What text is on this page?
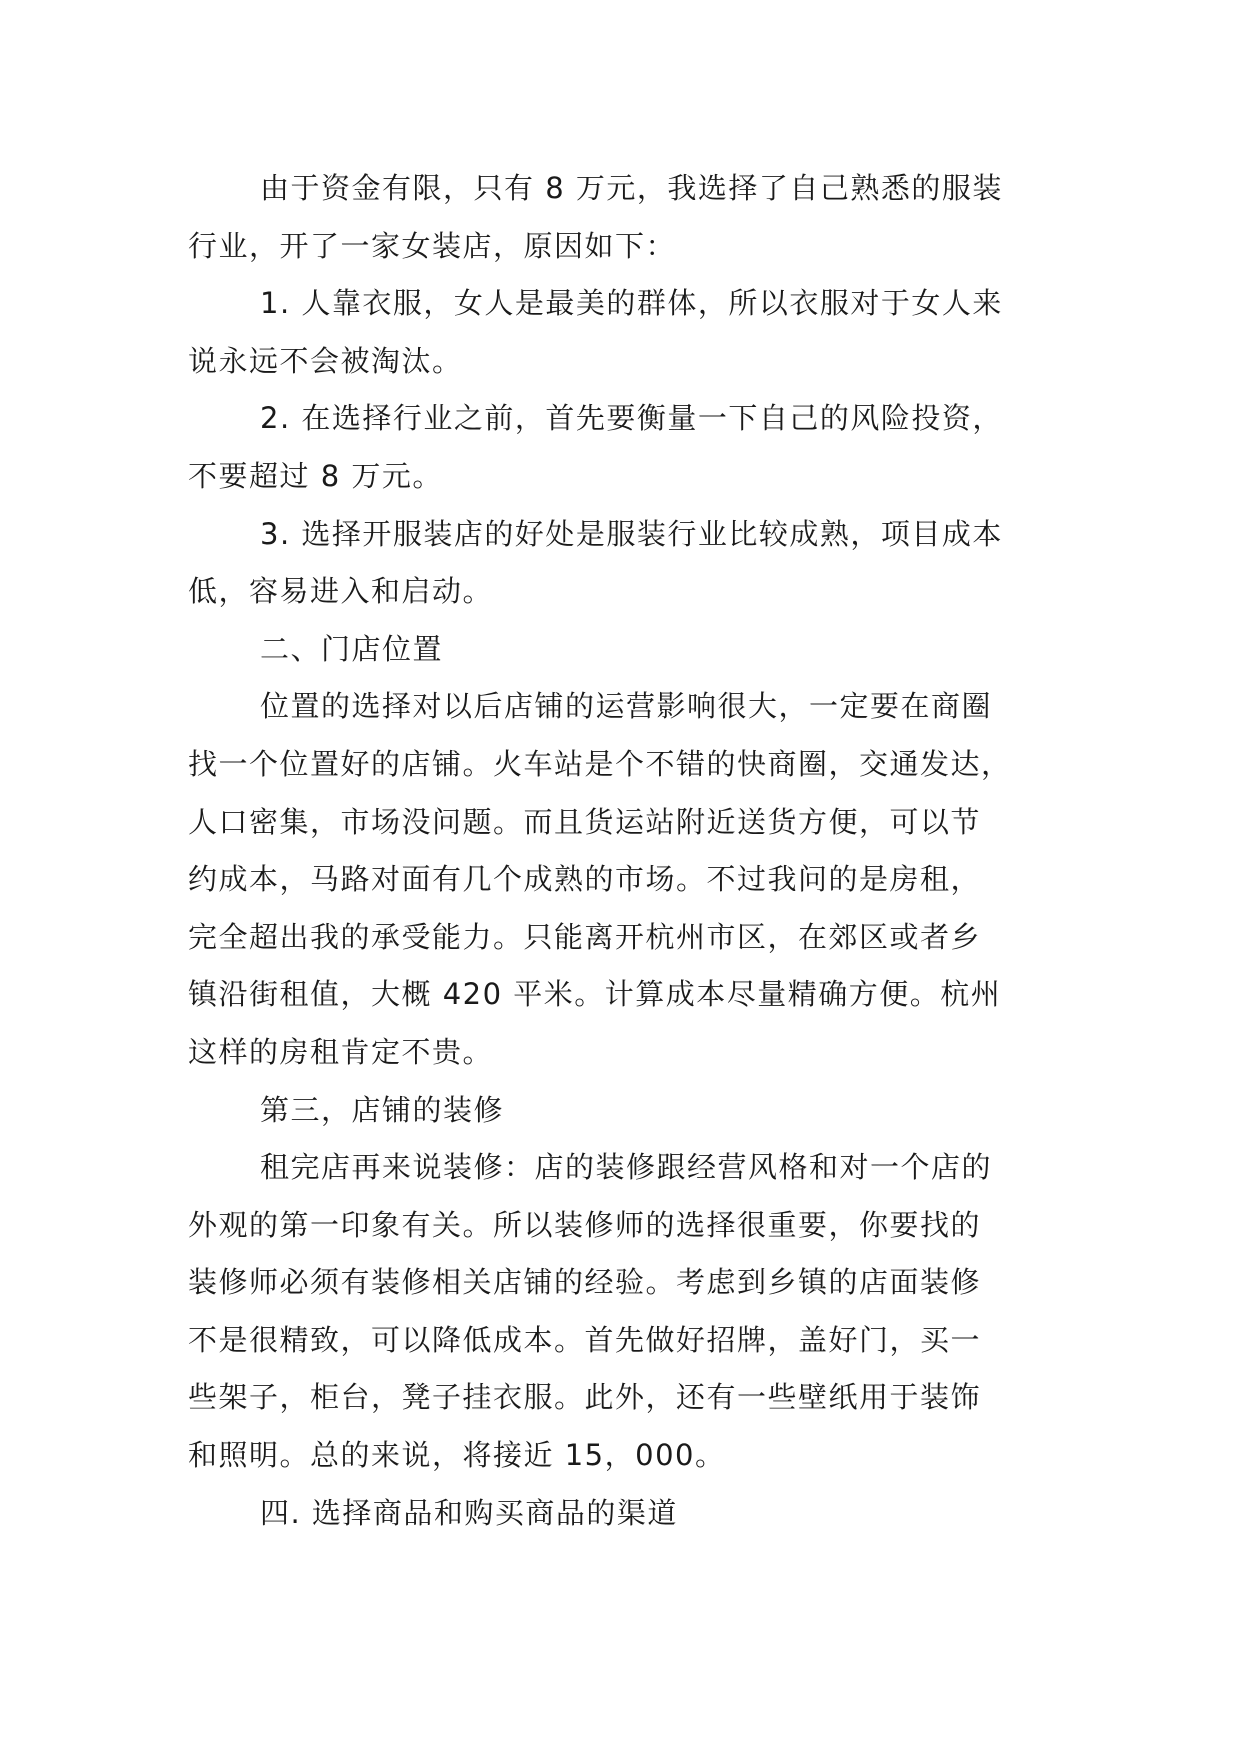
由于资金有限，只有 8 万元，我选择了自己熟悉的服装
行业，开了一家女装店，原因如下：
1. 人靠衣服，女人是最美的群体，所以衣服对于女人来
说永远不会被淘汰。
2. 在选择行业之前，首先要衡量一下自己的风险投资，
不要超过 8 万元。
3. 选择开服装店的好处是服装行业比较成熟，项目成本
低，容易进入和启动。
二、门店位置
位置的选择对以后店铺的运营影响很大，一定要在商圈
找一个位置好的店铺。火车站是个不错的快商圈，交通发达，
人口密集，市场没问题。而且货运站附近送货方便，可以节
约成本，马路对面有几个成熟的市场。不过我问的是房租，
完全超出我的承受能力。只能离开杭州市区，在郊区或者乡
镇沿街租值，大概 420 平米。计算成本尽量精确方便。杭州
这样的房租肯定不贵。
第三，店铺的装修
租完店再来说装修：店的装修跟经营风格和对一个店的
外观的第一印象有关。所以装修师的选择很重要，你要找的
装修师必须有装修相关店铺的经验。考虑到乡镇的店面装修
不是很精致，可以降低成本。首先做好招牌，盖好门，买一
些架子，柜台，凳子挂衣服。此外，还有一些壁纸用于装饰
和照明。总的来说，将接近 15，000。
四. 选择商品和购买商品的渠道
